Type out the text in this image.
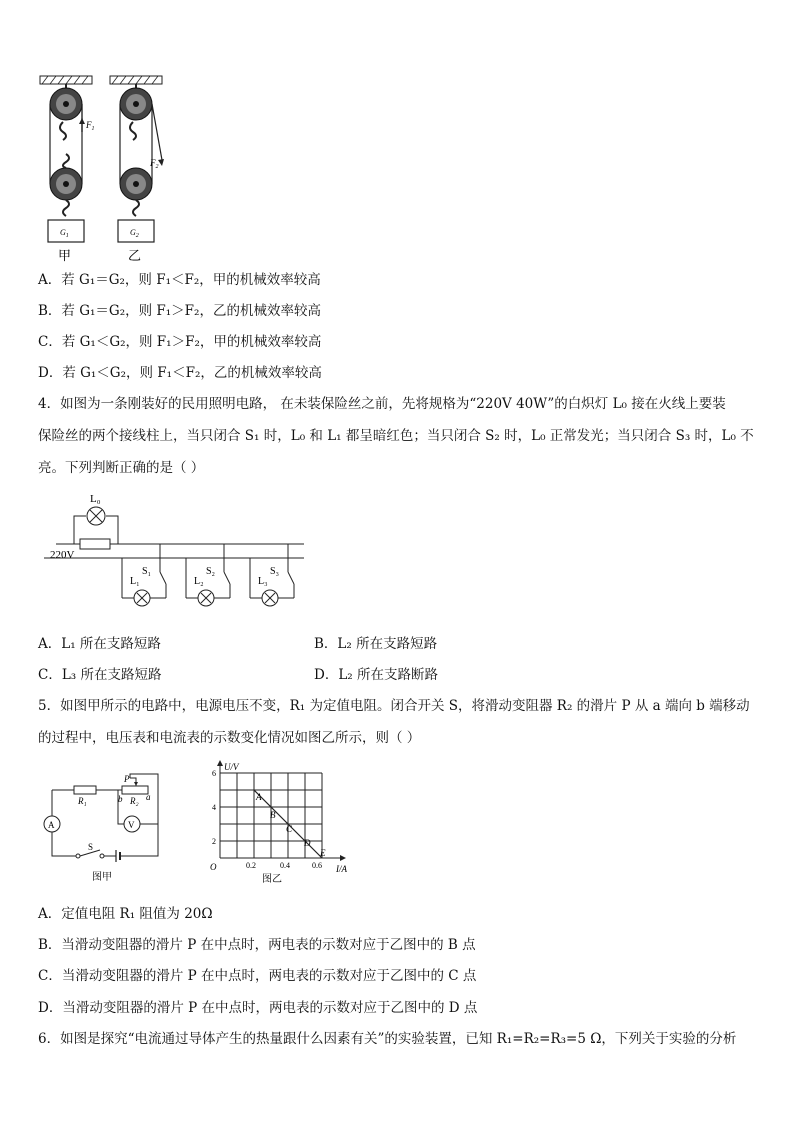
$F_1$
$G_1$
$F_2$
$G_2$
甲	乙
A．若 G₁＝G₂，则 F₁＜F₂，甲的机械效率较高
B．若 G₁＝G₂，则 F₁＞F₂，乙的机械效率较高
C．若 G₁＜G₂，则 F₁＞F₂，甲的机械效率较高
D．若 G₁＜G₂，则 F₁＜F₂，乙的机械效率较高
4．如图为一条刚装好的民用照明电路， 在未装保险丝之前，先将规格为“220V 40W”的白炽灯 L₀ 接在火线上要装
保险丝的两个接线柱上，当只闭合 S₁ 时，L₀ 和 L₁ 都呈暗红色；当只闭合 S₂ 时，L₀ 正常发光；当只闭合 S₃ 时，L₀ 不
亮。下列判断正确的是（ ）
L₀
220V
S₁
L₁
S₂
L₂
S₃
L₃
A．L₁ 所在支路短路	B．L₂ 所在支路短路
C．L₃ 所在支路短路	D．L₂ 所在支路断路
5．如图甲所示的电路中，电源电压不变，R₁ 为定值电阻。闭合开关 S，将滑动变阻器 R₂ 的滑片 P 从 a 端向 b 端移动
的过程中，电压表和电流表的示数变化情况如图乙所示，则（ ）
R₁
P
b R₂ a
A
S
V
图甲
U/V
I/A
O
2
4
6
0.2	0.4	0.6
A
B
C
D
E
图乙
A．定值电阻 R₁ 阻值为 20Ω
B．当滑动变阻器的滑片 P 在中点时，两电表的示数对应于乙图中的 B 点
C．当滑动变阻器的滑片 P 在中点时，两电表的示数对应于乙图中的 C 点
D．当滑动变阻器的滑片 P 在中点时，两电表的示数对应于乙图中的 D 点
6．如图是探究“电流通过导体产生的热量跟什么因素有关”的实验装置，已知 R₁=R₂=R₃=5 Ω，下列关于实验的分析
